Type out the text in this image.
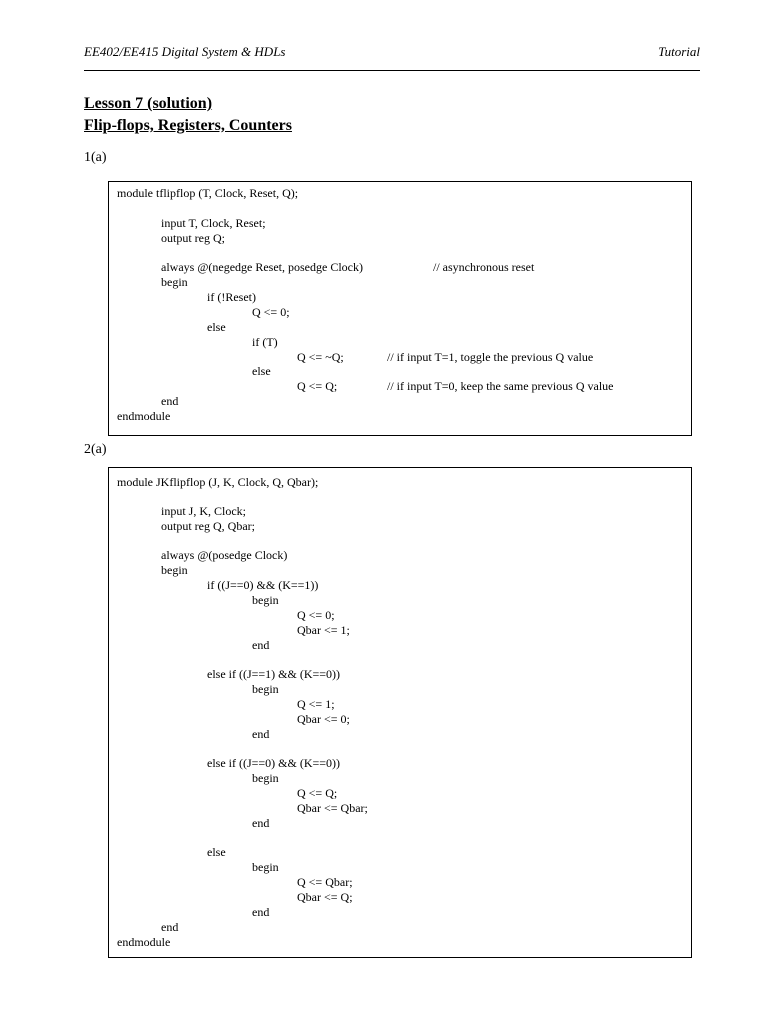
EE402/EE415 Digital System & HDLs	Tutorial
Lesson 7 (solution)
Flip-flops, Registers, Counters
1(a)
module tflipflop (T, Clock, Reset, Q);
input T, Clock, Reset;
output reg Q;
always @(negedge Reset, posedge Clock)	// asynchronous reset
begin
if (!Reset)
Q <= 0;
else
if (T)
Q <= ~Q;	// if input T=1, toggle the previous Q value
else
Q <= Q;	// if input T=0, keep the same previous Q value
end
endmodule
2(a)
module JKflipflop (J, K, Clock, Q, Qbar);
input J, K, Clock;
output reg Q, Qbar;
always @(posedge Clock)
begin
if ((J==0) && (K==1))
begin
Q <= 0;
Qbar <= 1;
end
else if ((J==1) && (K==0))
begin
Q <= 1;
Qbar <= 0;
end
else if ((J==0) && (K==0))
begin
Q <= Q;
Qbar <= Qbar;
end
else
begin
Q <= Qbar;
Qbar <= Q;
end
end
endmodule
